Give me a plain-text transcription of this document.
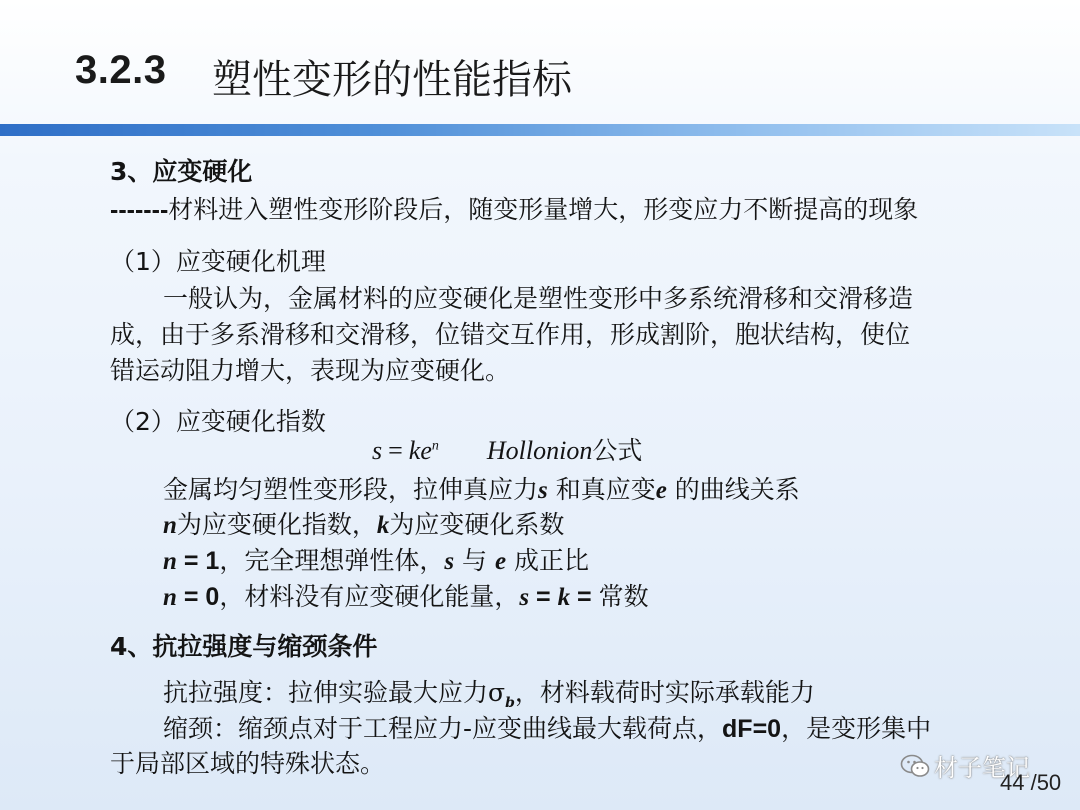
3.2.3 塑性变形的性能指标
3、应变硬化
-------材料进入塑性变形阶段后，随变形量增大，形变应力不断提高的现象
（1）应变硬化机理
一般认为，金属材料的应变硬化是塑性变形中多系统滑移和交滑移造
成，由于多系滑移和交滑移，位错交互作用，形成割阶，胞状结构，使位
错运动阻力增大，表现为应变硬化。
（2）应变硬化指数
$s = ke^n$ Hollonion公式
金属均匀塑性变形段，拉伸真应力s 和真应变e 的曲线关系
n为应变硬化指数，k为应变硬化系数
n = 1，完全理想弹性体，s 与 e 成正比
n = 0，材料没有应变硬化能量，s = k = 常数
4、抗拉强度与缩颈条件
抗拉强度：拉伸实验最大应力$\sigma_b$，材料载荷时实际承载能力
缩颈：缩颈点对于工程应力-应变曲线最大载荷点，dF=0，是变形集中
于局部区域的特殊状态。	材子笔记
44 /50
